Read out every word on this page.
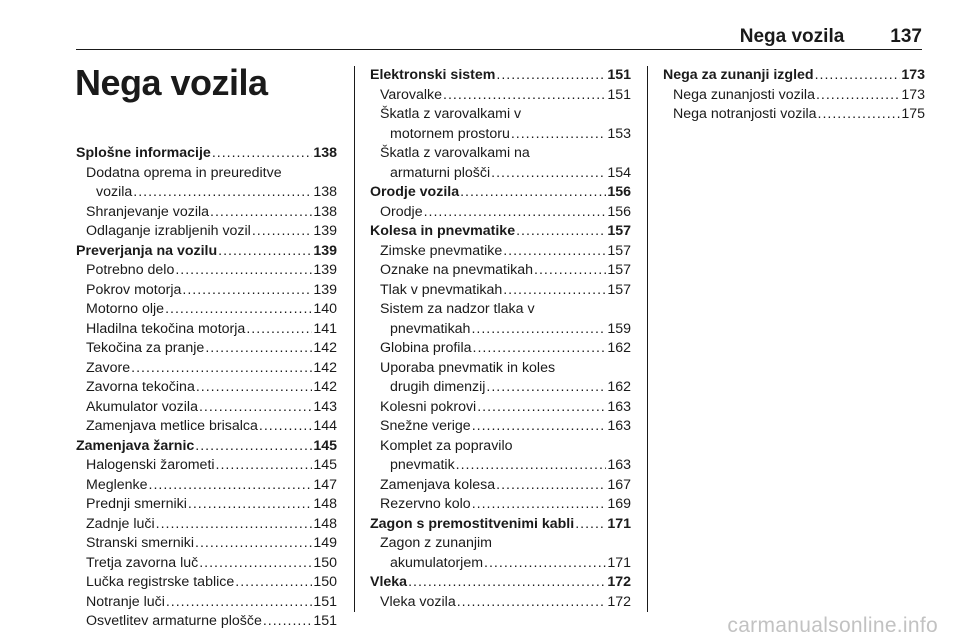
Nega vozila 137
Nega vozila
Splošne informacije .....	138
Dodatna oprema in preureditve
vozila .....	138
Shranjevanje vozila .....	138
Odlaganje izrabljenih vozil .....	139
Preverjanja na vozilu .....	139
Potrebno delo .....	139
Pokrov motorja .....	139
Motorno olje .....	140
Hladilna tekočina motorja .....	141
Tekočina za pranje .....	142
Zavore .....	142
Zavorna tekočina .....	142
Akumulator vozila .....	143
Zamenjava metlice brisalca .....	144
Zamenjava žarnic .....	145
Halogenski žarometi .....	145
Meglenke .....	147
Prednji smerniki .....	148
Zadnje luči .....	148
Stranski smerniki .....	149
Tretja zavorna luč .....	150
Lučka registrske tablice .....	150
Notranje luči .....	151
Osvetlitev armaturne plošče .....	151
Elektronski sistem .....	151
Varovalke .....	151
Škatla z varovalkami v
motornem prostoru .....	153
Škatla z varovalkami na
armaturni plošči .....	154
Orodje vozila .....	156
Orodje .....	156
Kolesa in pnevmatike .....	157
Zimske pnevmatike .....	157
Oznake na pnevmatikah .....	157
Tlak v pnevmatikah .....	157
Sistem za nadzor tlaka v
pnevmatikah .....	159
Globina profila .....	162
Uporaba pnevmatik in koles
drugih dimenzij .....	162
Kolesni pokrovi .....	163
Snežne verige .....	163
Komplet za popravilo
pnevmatik .....	163
Zamenjava kolesa .....	167
Rezervno kolo .....	169
Zagon s premostitvenimi kabli ..... 171
Zagon z zunanjim
akumulatorjem .....	171
Vleka .....	172
Vleka vozila .....	172
Nega za zunanji izgled .....	173
Nega zunanjosti vozila .....	173
Nega notranjosti vozila .....	175
carmanualsonline.info
